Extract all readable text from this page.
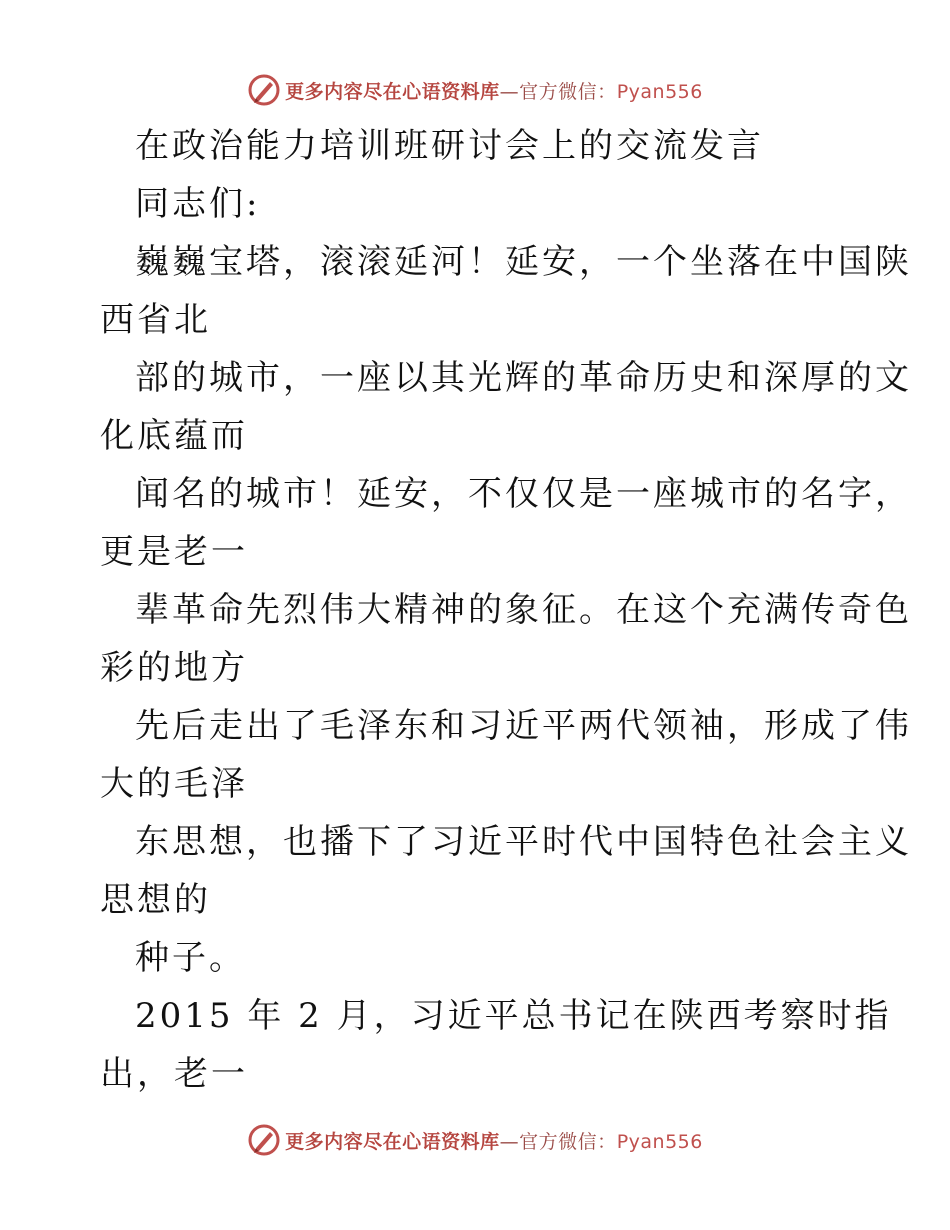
更多内容尽在心语资料库—官方微信：Pyan556
在政治能力培训班研讨会上的交流发言
同志们:
巍巍宝塔，滚滚延河！延安，一个坐落在中国陕
西省北
部的城市，一座以其光辉的革命历史和深厚的文
化底蕴而
闻名的城市！延安，不仅仅是一座城市的名字，
更是老一
辈革命先烈伟大精神的象征。在这个充满传奇色
彩的地方
先后走出了毛泽东和习近平两代领袖，形成了伟
大的毛泽
东思想，也播下了习近平时代中国特色社会主义
思想的
种子。
2015 年 2 月，习近平总书记在陕西考察时指
出，老一
更多内容尽在心语资料库—官方微信：Pyan556
